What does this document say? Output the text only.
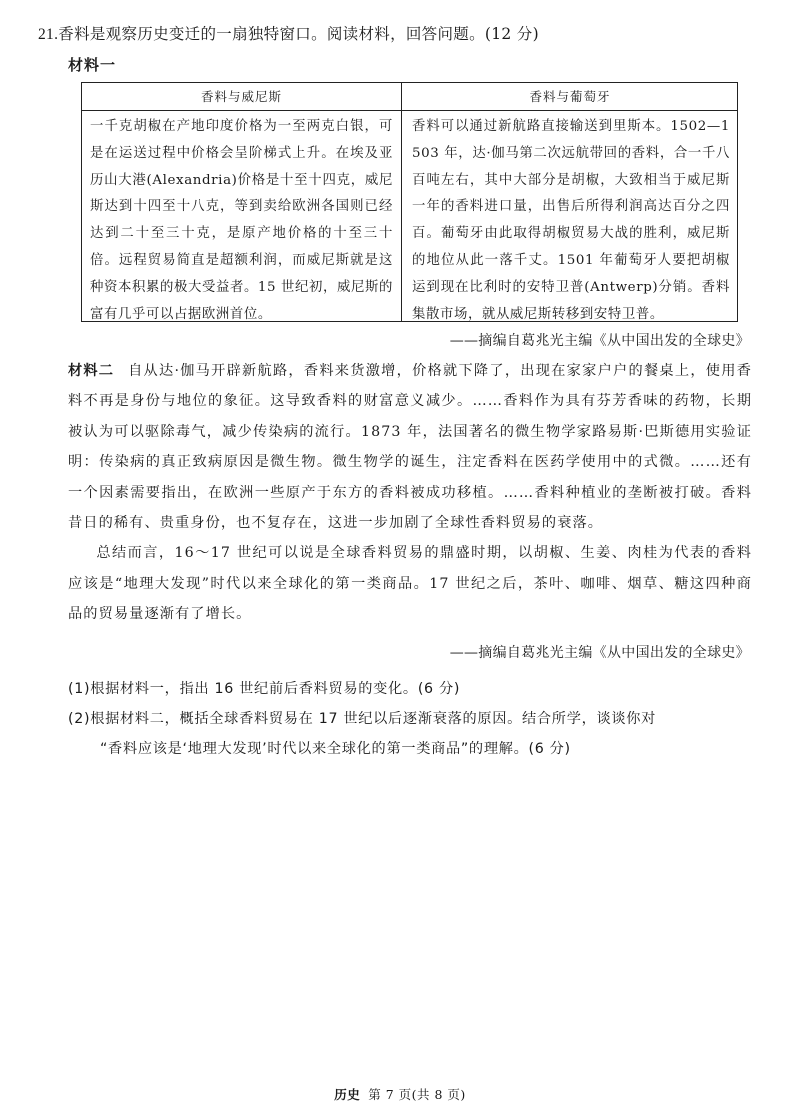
21.香料是观察历史变迁的一扇独特窗口。阅读材料，回答问题。(12 分)
材料一
香料与威尼斯	香料与葡萄牙
一千克胡椒在产地印度价格为一至两克白银，可是在运送过程中价格会呈阶梯式上升。在埃及亚历山大港(Alexandria)价格是十至十四克，威尼斯达到十四至十八克，等到卖给欧洲各国则已经达到二十至三十克，是原产地价格的十至三十倍。远程贸易简直是超额利润，而威尼斯就是这种资本积累的极大受益者。15 世纪初，威尼斯的富有几乎可以占据欧洲首位。
香料可以通过新航路直接输送到里斯本。1502—1503 年，达·伽马第二次远航带回的香料，合一千八百吨左右，其中大部分是胡椒，大致相当于威尼斯一年的香料进口量，出售后所得利润高达百分之四百。葡萄牙由此取得胡椒贸易大战的胜利，威尼斯的地位从此一落千丈。1501 年葡萄牙人要把胡椒运到现在比利时的安特卫普(Antwerp)分销。香料集散市场，就从威尼斯转移到安特卫普。
——摘编自葛兆光主编《从中国出发的全球史》

材料二 自从达·伽马开辟新航路，香料来货激增，价格就下降了，出现在家家户户的餐桌上，使用香料不再是身份与地位的象征。这导致香料的财富意义减少。……香料作为具有芬芳香味的药物，长期被认为可以驱除毒气，减少传染病的流行。1873 年，法国著名的微生物学家路易斯·巴斯德用实验证明：传染病的真正致病原因是微生物。微生物学的诞生，注定香料在医药学使用中的式微。……还有一个因素需要指出，在欧洲一些原产于东方的香料被成功移植。……香料种植业的垄断被打破。香料昔日的稀有、贵重身份，也不复存在，这进一步加剧了全球性香料贸易的衰落。

总结而言，16～17 世纪可以说是全球香料贸易的鼎盛时期，以胡椒、生姜、肉桂为代表的香料应该是“地理大发现”时代以来全球化的第一类商品。17 世纪之后，茶叶、咖啡、烟草、糖这四种商品的贸易量逐渐有了增长。

——摘编自葛兆光主编《从中国出发的全球史》

(1)根据材料一，指出 16 世纪前后香料贸易的变化。(6 分)

(2)根据材料二，概括全球香料贸易在 17 世纪以后逐渐衰落的原因。结合所学，谈谈你对

“香料应该是‘地理大发现’时代以来全球化的第一类商品”的理解。(6 分)

历史 第 7 页(共 8 页)
